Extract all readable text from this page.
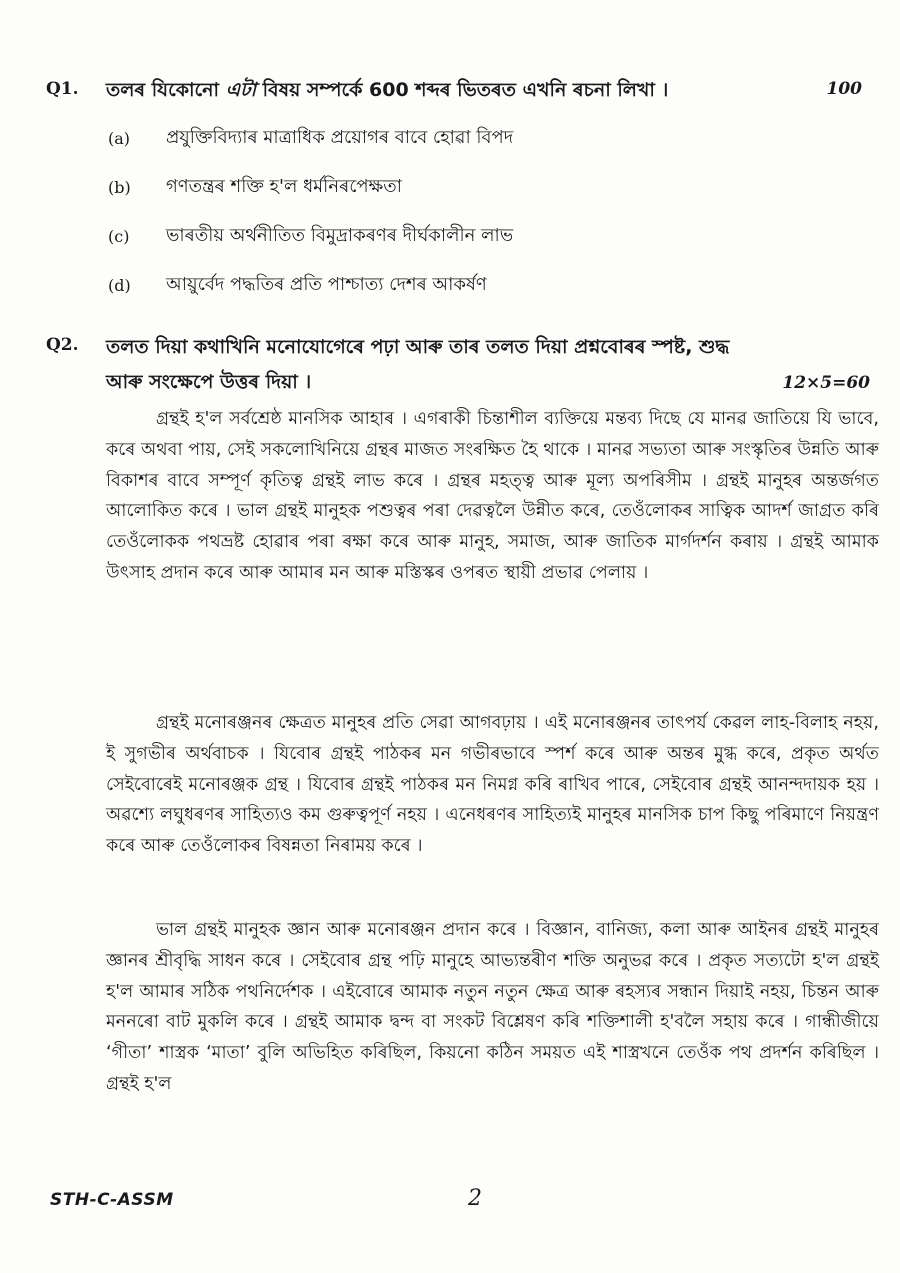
Q1.	তলৰ যিকোনো এটা বিষয় সম্পৰ্কে 600 শব্দৰ ভিতৰত এখনি ৰচনা লিখা ।	100
(a)	প্ৰযুক্তিবিদ্যাৰ মাত্ৰাধিক প্ৰয়োগৰ বাবে হোৱা বিপদ
(b)	গণতন্ত্ৰৰ শক্তি হ'ল ধৰ্মনিৰপেক্ষতা
(c)	ভাৰতীয় অৰ্থনীতিত বিমুদ্ৰাকৰণৰ দীৰ্ঘকালীন লাভ
(d)	আয়ুৰ্বেদ পদ্ধতিৰ প্ৰতি পাশ্চাত্য দেশৰ আকৰ্ষণ
Q2.	তলত দিয়া কথাখিনি মনোযোগেৰে পঢ়া আৰু তাৰ তলত দিয়া প্ৰশ্নবোৰৰ স্পষ্ট, শুদ্ধ আৰু সংক্ষেপে উত্তৰ দিয়া ।	12×5=60

গ্ৰন্থই হ'ল সৰ্বশ্ৰেষ্ঠ মানসিক আহাৰ । এগৰাকী চিন্তাশীল ব্যক্তিয়ে মন্তব্য দিছে যে মানৱ জাতিয়ে যি ভাবে, কৰে অথবা পায়, সেই সকলোখিনিয়ে গ্ৰন্থৰ মাজত সংৰক্ষিত হৈ থাকে । মানৱ সভ্যতা আৰু সংস্কৃতিৰ উন্নতি আৰু বিকাশৰ বাবে সম্পূৰ্ণ কৃতিত্ব গ্ৰন্থই লাভ কৰে । গ্ৰন্থৰ মহত্ত্ব আৰু মূল্য অপৰিসীম । গ্ৰন্থই মানুহৰ অন্তৰ্জগত আলোকিত কৰে । ভাল গ্ৰন্থই মানুহক পশুত্বৰ পৰা দেৱত্বলৈ উন্নীত কৰে, তেওঁলোকৰ সাত্বিক আদৰ্শ জাগ্ৰত কৰি তেওঁলোকক পথভ্ৰষ্ট হোৱাৰ পৰা ৰক্ষা কৰে আৰু মানুহ, সমাজ, আৰু জাতিক মাৰ্গদৰ্শন কৰায় । গ্ৰন্থই আমাক উৎসাহ প্ৰদান কৰে আৰু আমাৰ মন আৰু মস্তিস্কৰ ওপৰত স্থায়ী প্ৰভাৱ পেলায় ।

গ্ৰন্থই মনোৰঞ্জনৰ ক্ষেত্ৰত মানুহৰ প্ৰতি সেৱা আগবঢ়ায় । এই মনোৰঞ্জনৰ তাৎপৰ্য কেৱল লাহ-বিলাহ নহয়, ই সুগভীৰ অৰ্থবাচক । যিবোৰ গ্ৰন্থই পাঠকৰ মন গভীৰভাবে স্পৰ্শ কৰে আৰু অন্তৰ মুগ্ধ কৰে, প্ৰকৃত অৰ্থত সেইবোৰেই মনোৰঞ্জক গ্ৰন্থ । যিবোৰ গ্ৰন্থই পাঠকৰ মন নিমগ্ন কৰি ৰাখিব পাৰে, সেইবোৰ গ্ৰন্থই আনন্দদায়ক হয় । অৱশ্যে লঘুধৰণৰ সাহিত্যও কম গুৰুত্বপূৰ্ণ নহয় । এনেধৰণৰ সাহিত্যই মানুহৰ মানসিক চাপ কিছু পৰিমাণে নিয়ন্ত্ৰণ কৰে আৰু তেওঁলোকৰ বিষন্নতা নিৰাময় কৰে ।

ভাল গ্ৰন্থই মানুহক জ্ঞান আৰু মনোৰঞ্জন প্ৰদান কৰে । বিজ্ঞান, বানিজ্য, কলা আৰু আইনৰ গ্ৰন্থই মানুহৰ জ্ঞানৰ শ্ৰীবৃদ্ধি সাধন কৰে । সেইবোৰ গ্ৰন্থ পঢ়ি মানুহে আভ্যন্তৰীণ শক্তি অনুভৱ কৰে । প্ৰকৃত সত্যটো হ'ল গ্ৰন্থই হ'ল আমাৰ সঠিক পথনিৰ্দেশক । এইবোৰে আমাক নতুন নতুন ক্ষেত্ৰ আৰু ৰহস্যৰ সন্ধান দিয়াই নহয়, চিন্তন আৰু মননৰো বাট মুকলি কৰে । গ্ৰন্থই আমাক দ্বন্দ বা সংকট বিশ্লেষণ কৰি শক্তিশালী হ'বলৈ সহায় কৰে । গান্ধীজীয়ে ‘গীতা’ শাস্ত্ৰক ‘মাতা’ বুলি অভিহিত কৰিছিল, কিয়নো কঠিন সময়ত এই শাস্ত্ৰখনে তেওঁক পথ প্ৰদৰ্শন কৰিছিল । গ্ৰন্থই হ'ল

STH-C-ASSM	2
